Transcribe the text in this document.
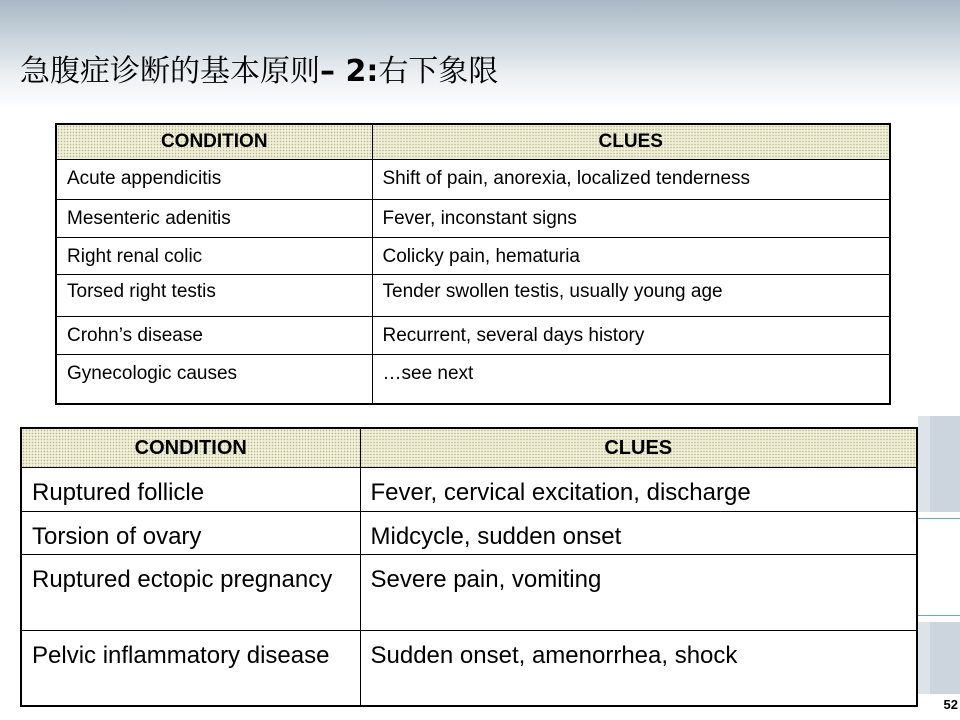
急腹症诊断的基本原则– 2:右下象限
CONDITION	CLUES
Acute appendicitis	Shift of pain, anorexia, localized tenderness
Mesenteric adenitis	Fever, inconstant signs
Right renal colic	Colicky pain, hematuria
Torsed right testis	Tender swollen testis, usually young age
Crohn’s disease	Recurrent, several days history
Gynecologic causes	…see next
CONDITION	CLUES
Ruptured follicle	Fever, cervical excitation, discharge
Torsion of ovary	Midcycle, sudden onset
Ruptured ectopic pregnancy	Severe pain, vomiting
Pelvic inflammatory disease	Sudden onset, amenorrhea, shock
52
